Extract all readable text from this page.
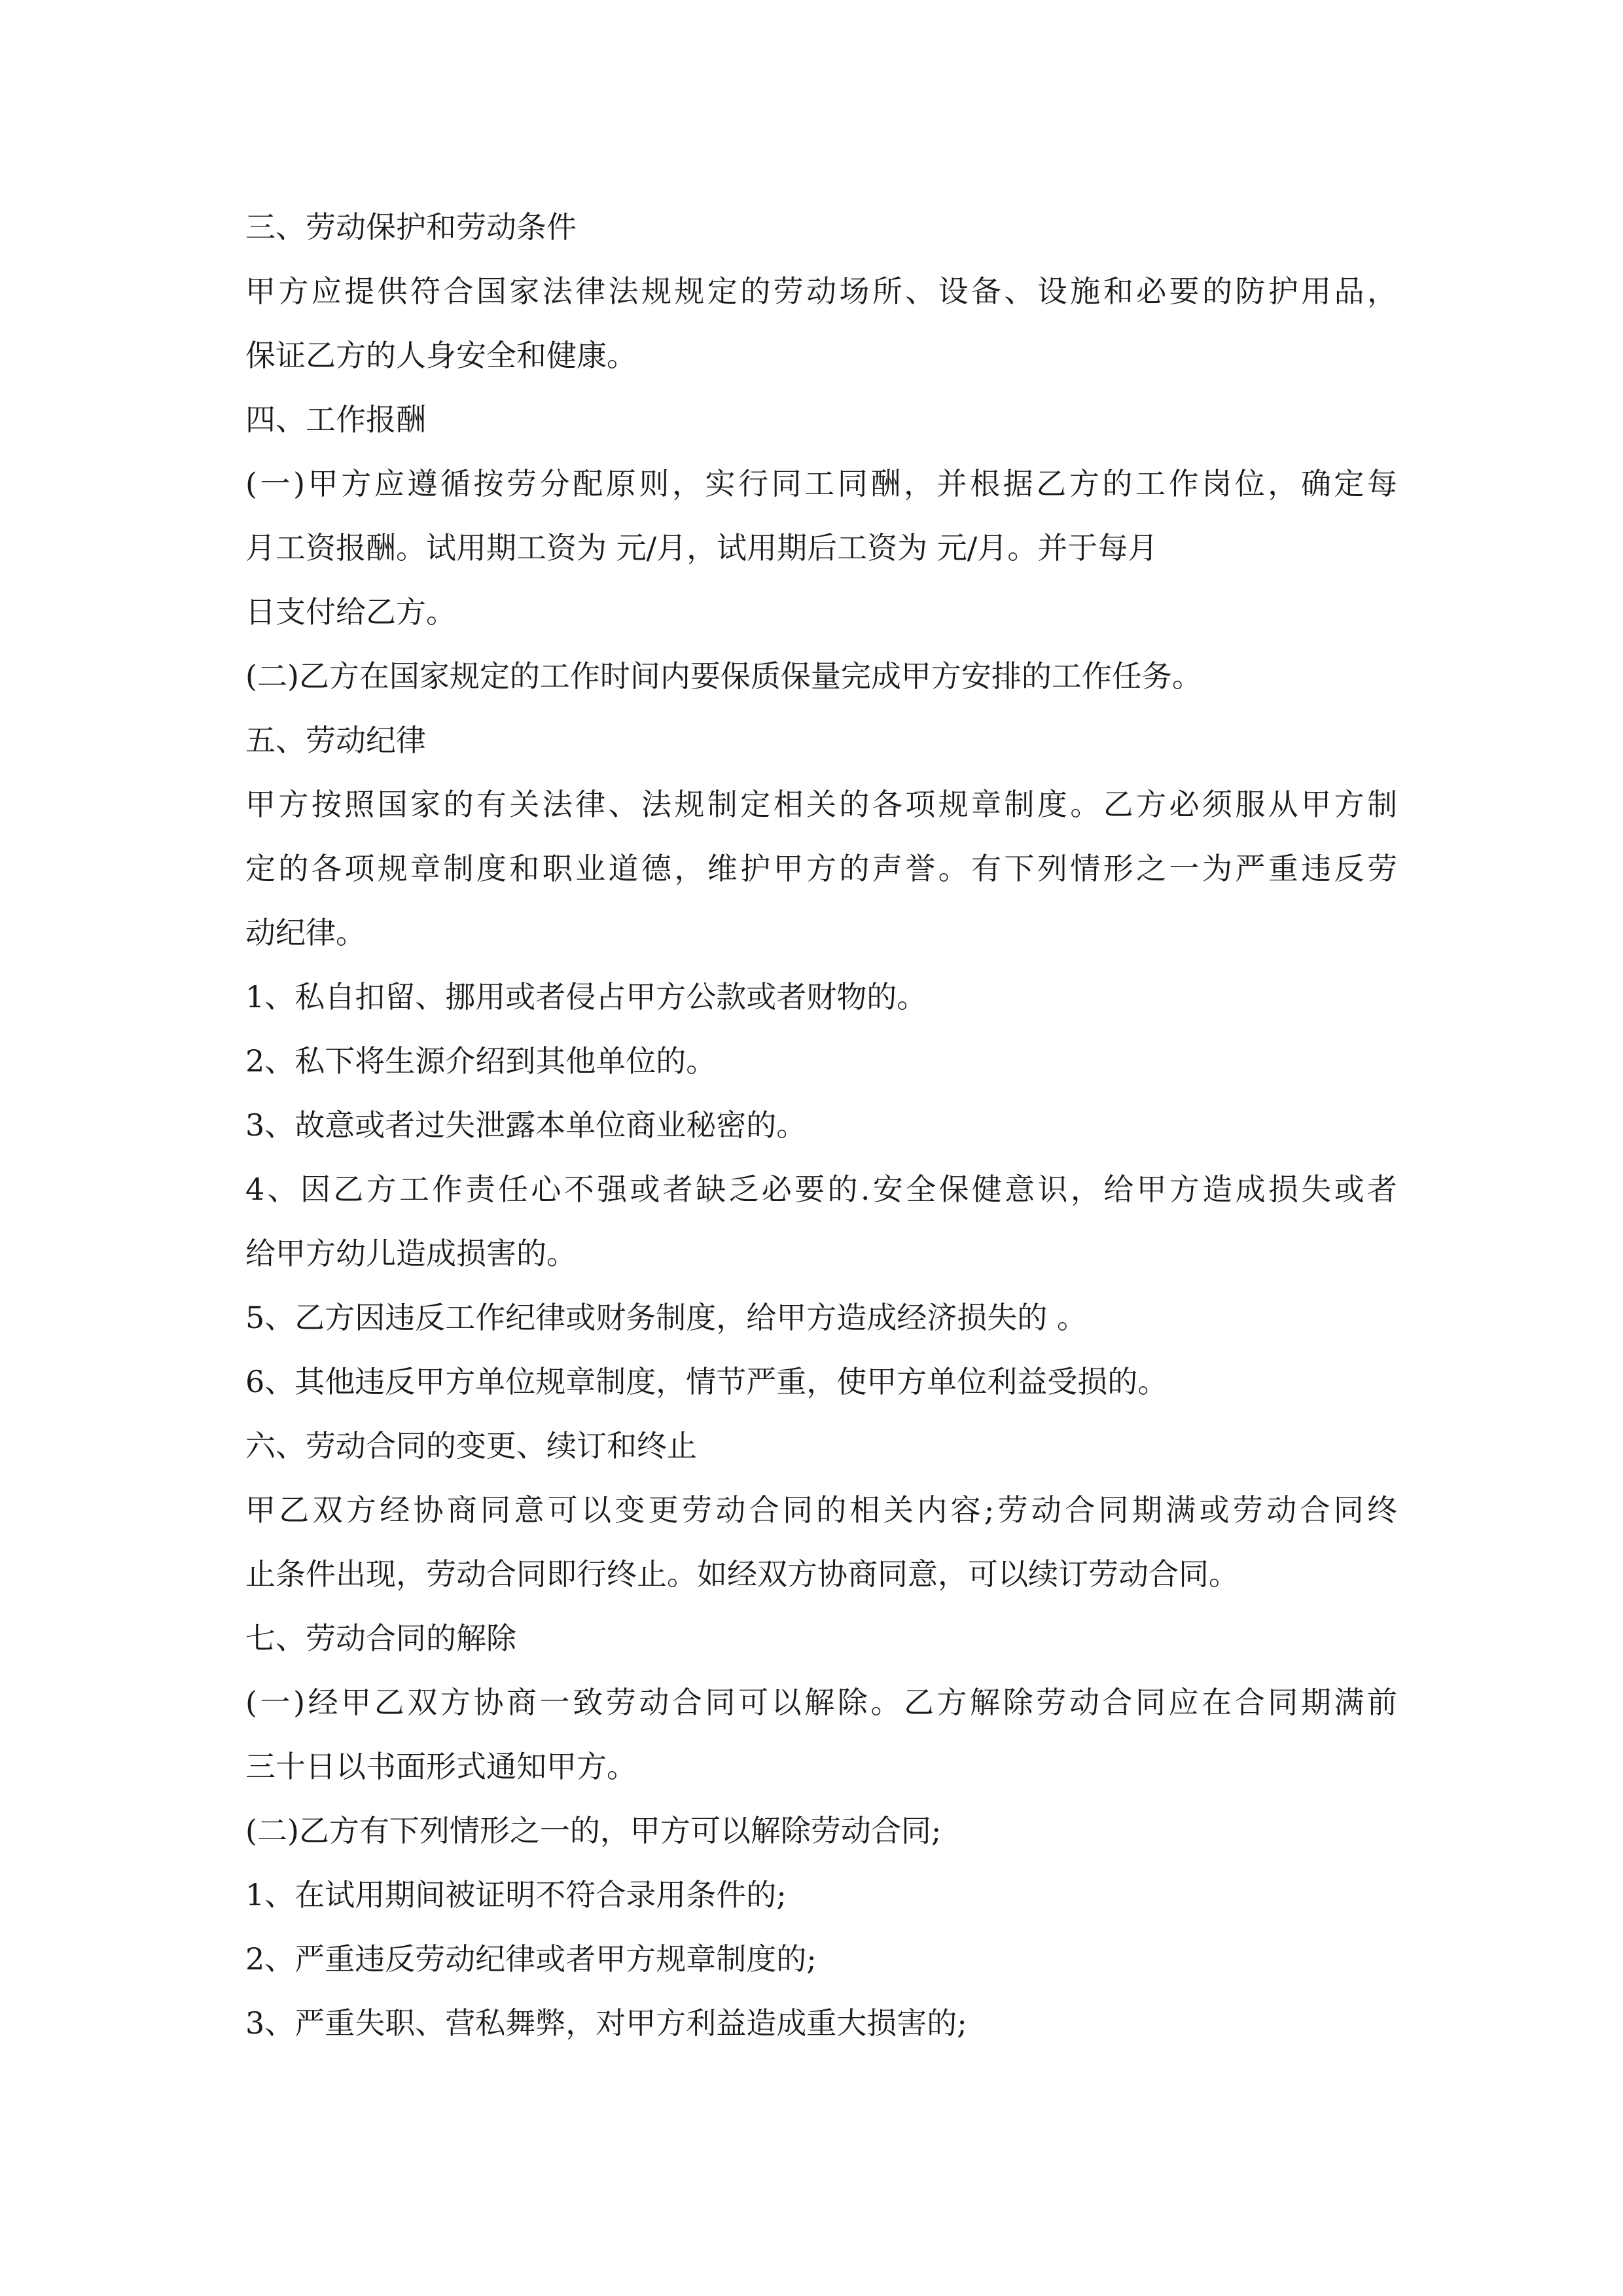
三、劳动保护和劳动条件
甲方应提供符合国家法律法规规定的劳动场所、设备、设施和必要的防护用品，
保证乙方的人身安全和健康。
四、工作报酬
(一)甲方应遵循按劳分配原则，实行同工同酬，并根据乙方的工作岗位，确定每
月工资报酬。试用期工资为 元/月，试用期后工资为 元/月。并于每月
日支付给乙方。
(二)乙方在国家规定的工作时间内要保质保量完成甲方安排的工作任务。
五、劳动纪律
甲方按照国家的有关法律、法规制定相关的各项规章制度。乙方必须服从甲方制
定的各项规章制度和职业道德，维护甲方的声誉。有下列情形之一为严重违反劳
动纪律。
1、私自扣留、挪用或者侵占甲方公款或者财物的。
2、私下将生源介绍到其他单位的。
3、故意或者过失泄露本单位商业秘密的。
4、因乙方工作责任心不强或者缺乏必要的.安全保健意识，给甲方造成损失或者
给甲方幼儿造成损害的。
5、乙方因违反工作纪律或财务制度，给甲方造成经济损失的 。
6、其他违反甲方单位规章制度，情节严重，使甲方单位利益受损的。
六、劳动合同的变更、续订和终止
甲乙双方经协商同意可以变更劳动合同的相关内容;劳动合同期满或劳动合同终
止条件出现，劳动合同即行终止。如经双方协商同意，可以续订劳动合同。
七、劳动合同的解除
(一)经甲乙双方协商一致劳动合同可以解除。乙方解除劳动合同应在合同期满前
三十日以书面形式通知甲方。
(二)乙方有下列情形之一的，甲方可以解除劳动合同;
1、在试用期间被证明不符合录用条件的;
2、严重违反劳动纪律或者甲方规章制度的;
3、严重失职、营私舞弊，对甲方利益造成重大损害的;
